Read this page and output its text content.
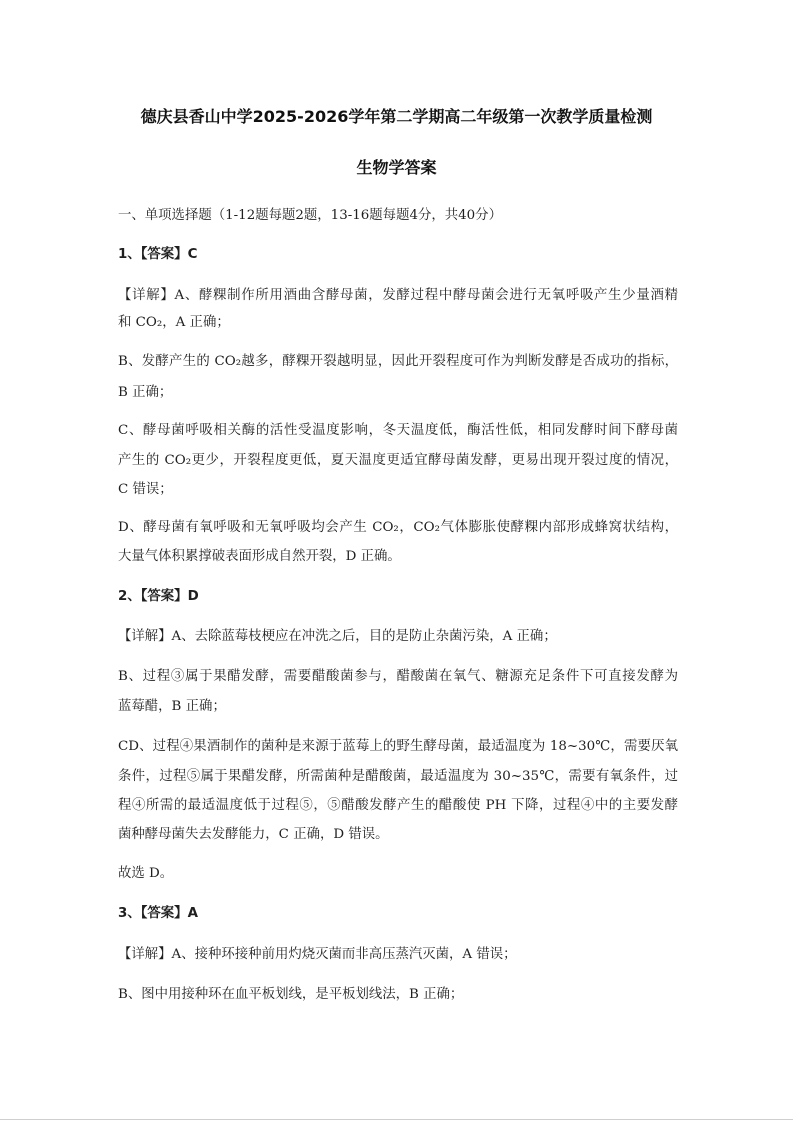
德庆县香山中学2025-2026学年第二学期高二年级第一次教学质量检测
生物学答案
一、单项选择题（1-12题每题2题，13-16题每题4分，共40分）
1、【答案】C
【详解】A、酵粿制作所用酒曲含酵母菌，发酵过程中酵母菌会进行无氧呼吸产生少量酒精
和 CO₂，A 正确；
B、发酵产生的 CO₂越多，酵粿开裂越明显，因此开裂程度可作为判断发酵是否成功的指标，
B 正确；
C、酵母菌呼吸相关酶的活性受温度影响，冬天温度低，酶活性低，相同发酵时间下酵母菌
产生的 CO₂更少，开裂程度更低，夏天温度更适宜酵母菌发酵，更易出现开裂过度的情况，
C 错误；
D、酵母菌有氧呼吸和无氧呼吸均会产生 CO₂，CO₂气体膨胀使酵粿内部形成蜂窝状结构，
大量气体积累撑破表面形成自然开裂，D 正确。
2、【答案】D
【详解】A、去除蓝莓枝梗应在冲洗之后，目的是防止杂菌污染，A 正确；
B、过程③属于果醋发酵，需要醋酸菌参与，醋酸菌在氧气、糖源充足条件下可直接发酵为
蓝莓醋，B 正确；
CD、过程④果酒制作的菌种是来源于蓝莓上的野生酵母菌，最适温度为 18~30℃，需要厌氧
条件，过程⑤属于果醋发酵，所需菌种是醋酸菌，最适温度为 30~35℃，需要有氧条件，过
程④所需的最适温度低于过程⑤，⑤醋酸发酵产生的醋酸使 PH 下降，过程④中的主要发酵
菌种酵母菌失去发酵能力，C 正确，D 错误。
故选 D。
3、【答案】A
【详解】A、接种环接种前用灼烧灭菌而非高压蒸汽灭菌，A 错误；
B、图中用接种环在血平板划线，是平板划线法，B 正确；
